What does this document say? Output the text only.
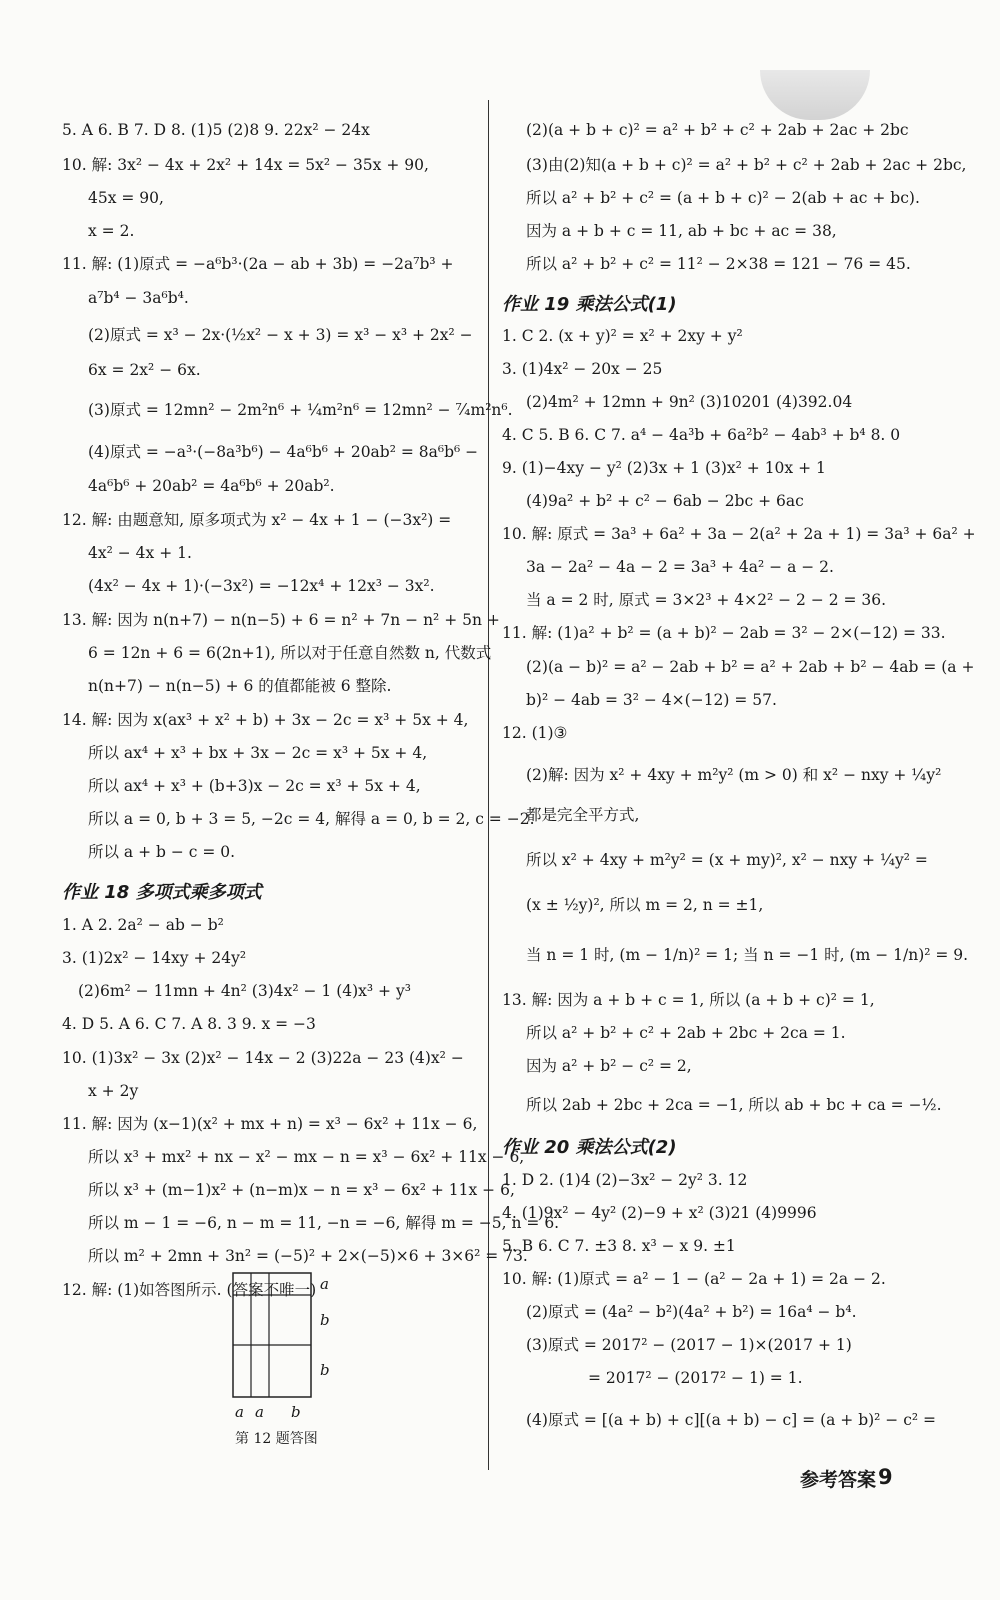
5. A 6. B 7. D 8. (1)5 (2)8 9. 22x² − 24x
10. 解: 3x² − 4x + 2x² + 14x = 5x² − 35x + 90,
45x = 90,
x = 2.
11. 解: (1)原式 = −a⁶b³·(2a − ab + 3b) = −2a⁷b³ +
a⁷b⁴ − 3a⁶b⁴.
(2)原式 = x³ − 2x·(½x² − x + 3) = x³ − x³ + 2x² −
6x = 2x² − 6x.
(3)原式 = 12mn² − 2m²n⁶ + ¼m²n⁶ = 12mn² − ⁷⁄₄m²n⁶.
(4)原式 = −a³·(−8a³b⁶) − 4a⁶b⁶ + 20ab² = 8a⁶b⁶ −
4a⁶b⁶ + 20ab² = 4a⁶b⁶ + 20ab².
12. 解: 由题意知, 原多项式为 x² − 4x + 1 − (−3x²) =
4x² − 4x + 1.
(4x² − 4x + 1)·(−3x²) = −12x⁴ + 12x³ − 3x².
13. 解: 因为 n(n+7) − n(n−5) + 6 = n² + 7n − n² + 5n +
6 = 12n + 6 = 6(2n+1), 所以对于任意自然数 n, 代数式
n(n+7) − n(n−5) + 6 的值都能被 6 整除.
14. 解: 因为 x(ax³ + x² + b) + 3x − 2c = x³ + 5x + 4,
所以 ax⁴ + x³ + bx + 3x − 2c = x³ + 5x + 4,
所以 ax⁴ + x³ + (b+3)x − 2c = x³ + 5x + 4,
所以 a = 0, b + 3 = 5, −2c = 4, 解得 a = 0, b = 2, c = −2.
所以 a + b − c = 0.
1. A 2. 2a² − ab − b²
3. (1)2x² − 14xy + 24y²
(2)6m² − 11mn + 4n² (3)4x² − 1 (4)x³ + y³
4. D 5. A 6. C 7. A 8. 3 9. x = −3
10. (1)3x² − 3x (2)x² − 14x − 2 (3)22a − 23 (4)x² −
x + 2y
11. 解: 因为 (x−1)(x² + mx + n) = x³ − 6x² + 11x − 6,
所以 x³ + mx² + nx − x² − mx − n = x³ − 6x² + 11x − 6,
所以 x³ + (m−1)x² + (n−m)x − n = x³ − 6x² + 11x − 6,
所以 m − 1 = −6, n − m = 11, −n = −6, 解得 m = −5, n = 6.
所以 m² + 2mn + 3n² = (−5)² + 2×(−5)×6 + 3×6² = 73.
12. 解: (1)如答图所示. (答案不唯一)
作业 18 多项式乘多项式
(2)(a + b + c)² = a² + b² + c² + 2ab + 2ac + 2bc
(3)由(2)知(a + b + c)² = a² + b² + c² + 2ab + 2ac + 2bc,
所以 a² + b² + c² = (a + b + c)² − 2(ab + ac + bc).
因为 a + b + c = 11, ab + bc + ac = 38,
所以 a² + b² + c² = 11² − 2×38 = 121 − 76 = 45.
1. C 2. (x + y)² = x² + 2xy + y²
3. (1)4x² − 20x − 25
(2)4m² + 12mn + 9n² (3)10201 (4)392.04
4. C 5. B 6. C 7. a⁴ − 4a³b + 6a²b² − 4ab³ + b⁴ 8. 0
9. (1)−4xy − y² (2)3x + 1 (3)x² + 10x + 1
(4)9a² + b² + c² − 6ab − 2bc + 6ac
10. 解: 原式 = 3a³ + 6a² + 3a − 2(a² + 2a + 1) = 3a³ + 6a² +
3a − 2a² − 4a − 2 = 3a³ + 4a² − a − 2.
当 a = 2 时, 原式 = 3×2³ + 4×2² − 2 − 2 = 36.
11. 解: (1)a² + b² = (a + b)² − 2ab = 3² − 2×(−12) = 33.
(2)(a − b)² = a² − 2ab + b² = a² + 2ab + b² − 4ab = (a +
b)² − 4ab = 3² − 4×(−12) = 57.
12. (1)③
(2)解: 因为 x² + 4xy + m²y² (m > 0) 和 x² − nxy + ¼y²
都是完全平方式,
所以 x² + 4xy + m²y² = (x + my)², x² − nxy + ¼y² =
(x ± ½y)², 所以 m = 2, n = ±1,
当 n = 1 时, (m − 1/n)² = 1; 当 n = −1 时, (m − 1/n)² = 9.
13. 解: 因为 a + b + c = 1, 所以 (a + b + c)² = 1,
所以 a² + b² + c² + 2ab + 2bc + 2ca = 1.
因为 a² + b² − c² = 2,
所以 2ab + 2bc + 2ca = −1, 所以 ab + bc + ca = −½.
1. D 2. (1)4 (2)−3x² − 2y² 3. 12
4. (1)9x² − 4y² (2)−9 + x² (3)21 (4)9996
5. B 6. C 7. ±3 8. x³ − x 9. ±1
10. 解: (1)原式 = a² − 1 − (a² − 2a + 1) = 2a − 2.
(2)原式 = (4a² − b²)(4a² + b²) = 16a⁴ − b⁴.
(3)原式 = 2017² − (2017 − 1)×(2017 + 1)
= 2017² − (2017² − 1) = 1.
(4)原式 = [(a + b) + c][(a + b) − c] = (a + b)² − c² =
作业 19 乘法公式(1)
作业 20 乘法公式(2)
a
b
b
a a b
第 12 题答图
参考答案 9
